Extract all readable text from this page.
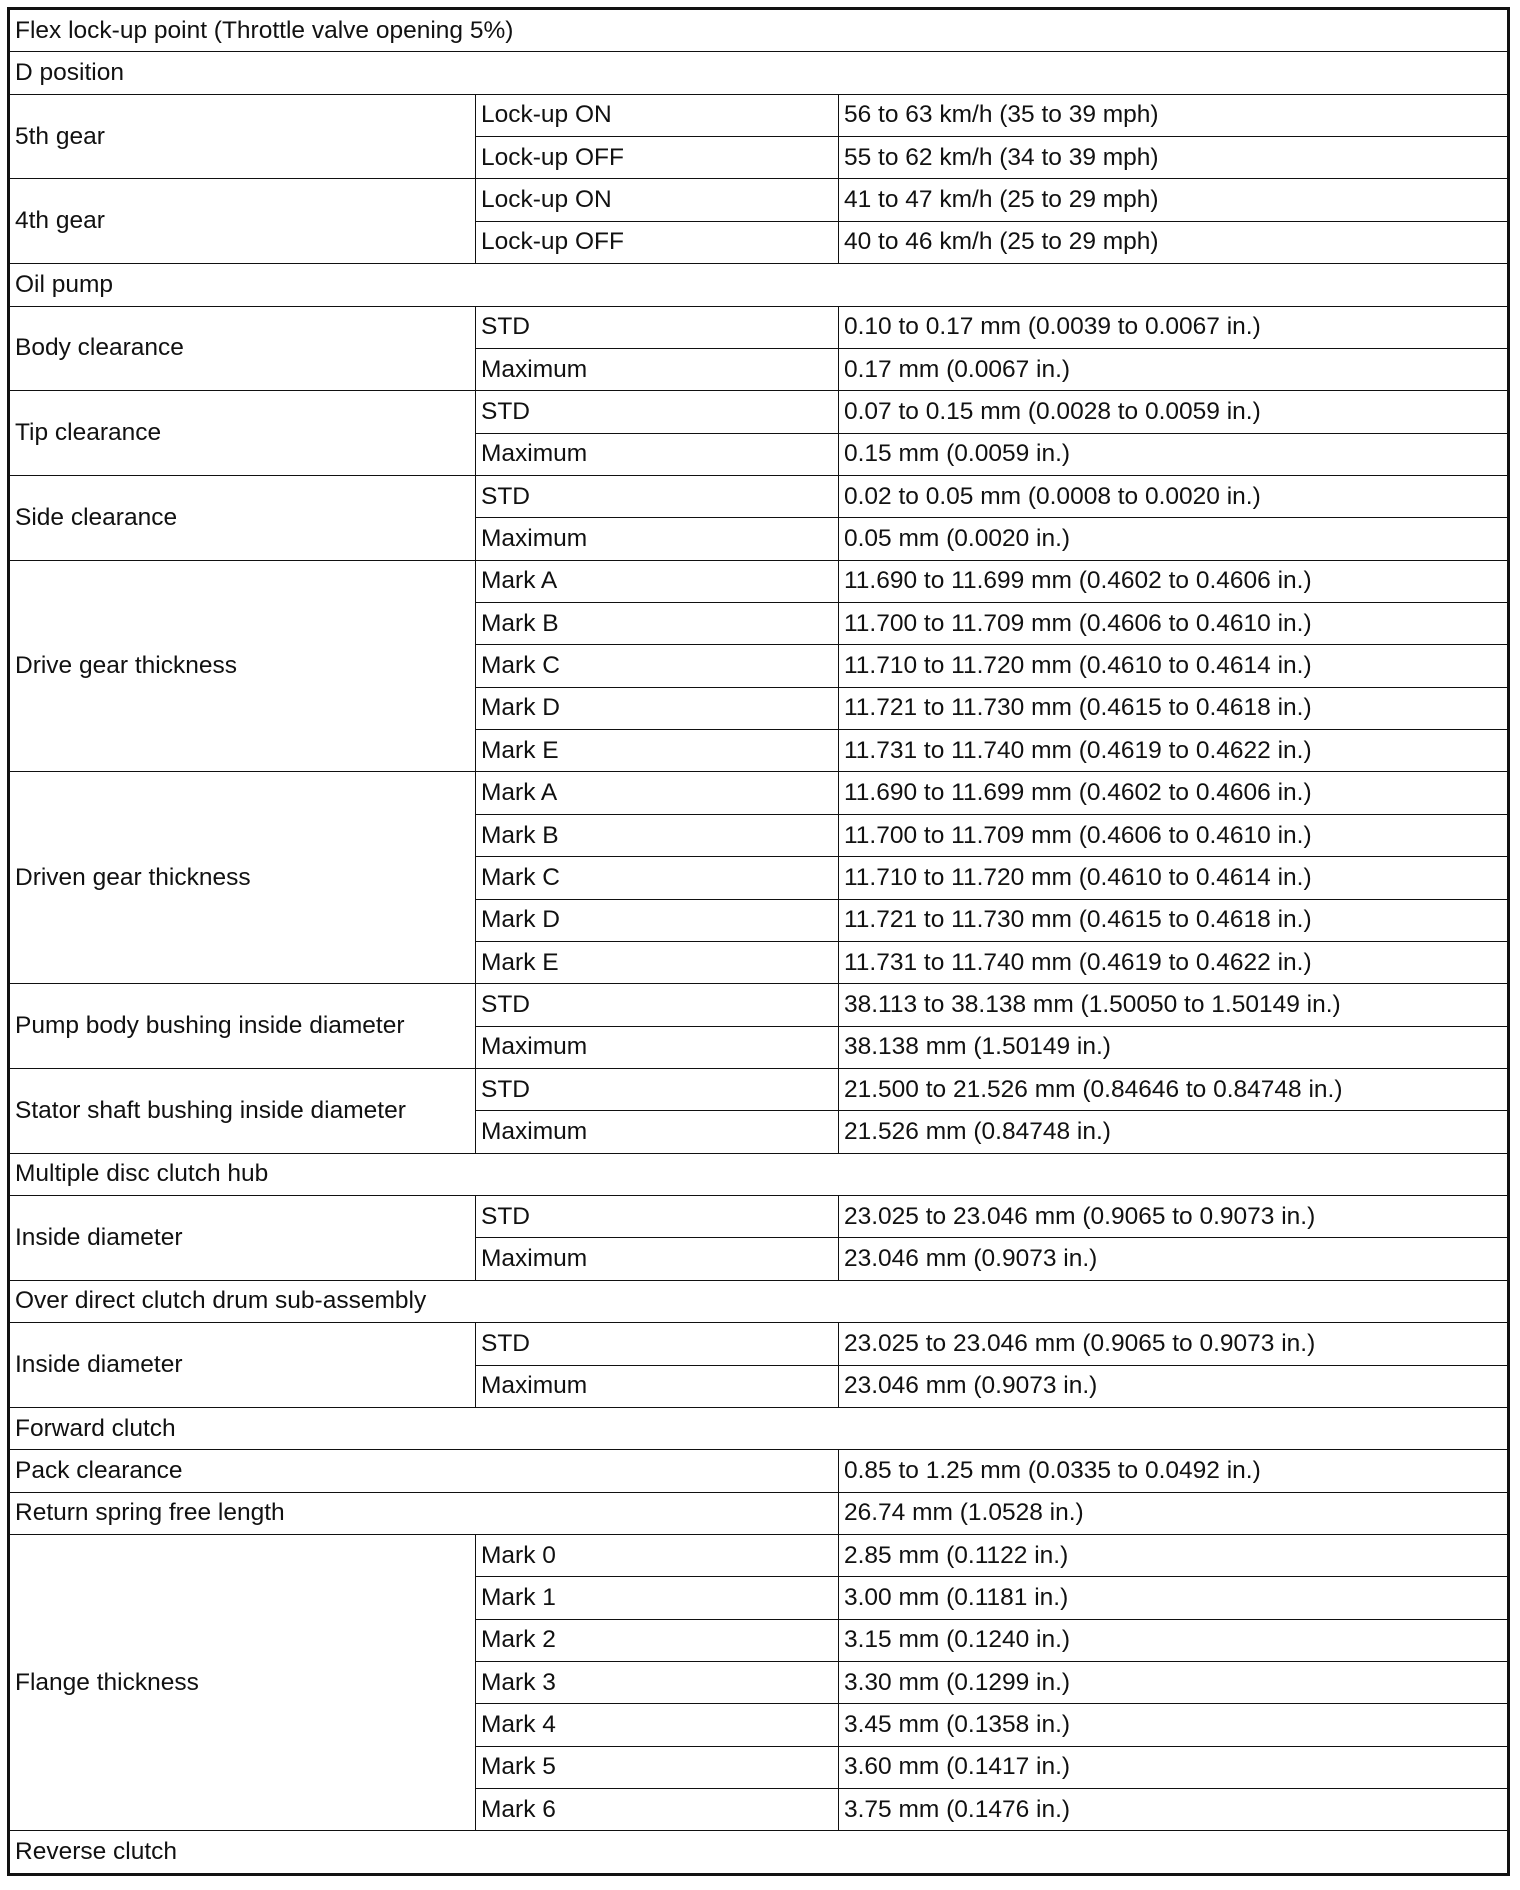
Flex lock-up point (Throttle valve opening 5%)		
D position		
5th gear	Lock-up ON	56 to 63 km/h (35 to 39 mph)
	Lock-up OFF	55 to 62 km/h (34 to 39 mph)
4th gear	Lock-up ON	41 to 47 km/h (25 to 29 mph)
	Lock-up OFF	40 to 46 km/h (25 to 29 mph)
Oil pump		
Body clearance	STD	0.10 to 0.17 mm (0.0039 to 0.0067 in.)
	Maximum	0.17 mm (0.0067 in.)
Tip clearance	STD	0.07 to 0.15 mm (0.0028 to 0.0059 in.)
	Maximum	0.15 mm (0.0059 in.)
Side clearance	STD	0.02 to 0.05 mm (0.0008 to 0.0020 in.)
	Maximum	0.05 mm (0.0020 in.)
Drive gear thickness	Mark A	11.690 to 11.699 mm (0.4602 to 0.4606 in.)
	Mark B	11.700 to 11.709 mm (0.4606 to 0.4610 in.)
	Mark C	11.710 to 11.720 mm (0.4610 to 0.4614 in.)
	Mark D	11.721 to 11.730 mm (0.4615 to 0.4618 in.)
	Mark E	11.731 to 11.740 mm (0.4619 to 0.4622 in.)
Driven gear thickness	Mark A	11.690 to 11.699 mm (0.4602 to 0.4606 in.)
	Mark B	11.700 to 11.709 mm (0.4606 to 0.4610 in.)
	Mark C	11.710 to 11.720 mm (0.4610 to 0.4614 in.)
	Mark D	11.721 to 11.730 mm (0.4615 to 0.4618 in.)
	Mark E	11.731 to 11.740 mm (0.4619 to 0.4622 in.)
Pump body bushing inside diameter	STD	38.113 to 38.138 mm (1.50050 to 1.50149 in.)
	Maximum	38.138 mm (1.50149 in.)
Stator shaft bushing inside diameter	STD	21.500 to 21.526 mm (0.84646 to 0.84748 in.)
	Maximum	21.526 mm (0.84748 in.)
Multiple disc clutch hub		
Inside diameter	STD	23.025 to 23.046 mm (0.9065 to 0.9073 in.)
	Maximum	23.046 mm (0.9073 in.)
Over direct clutch drum sub-assembly		
Inside diameter	STD	23.025 to 23.046 mm (0.9065 to 0.9073 in.)
	Maximum	23.046 mm (0.9073 in.)
Forward clutch		
Pack clearance		0.85 to 1.25 mm (0.0335 to 0.0492 in.)
Return spring free length		26.74 mm (1.0528 in.)
Flange thickness	Mark 0	2.85 mm (0.1122 in.)
	Mark 1	3.00 mm (0.1181 in.)
	Mark 2	3.15 mm (0.1240 in.)
	Mark 3	3.30 mm (0.1299 in.)
	Mark 4	3.45 mm (0.1358 in.)
	Mark 5	3.60 mm (0.1417 in.)
	Mark 6	3.75 mm (0.1476 in.)
Reverse clutch		
